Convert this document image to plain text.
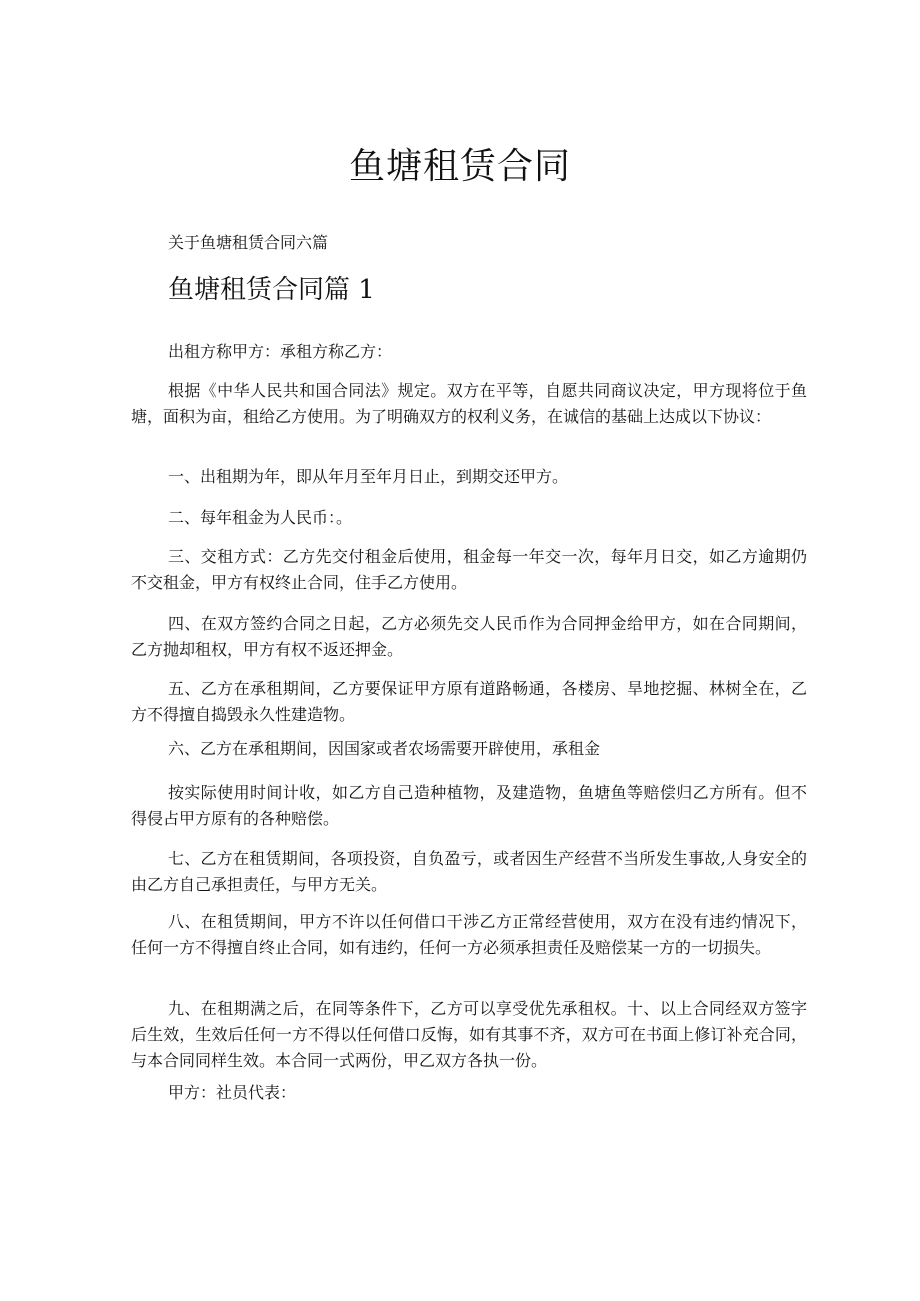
鱼塘租赁合同
关于鱼塘租赁合同六篇
鱼塘租赁合同篇 1

出租方称甲方：承租方称乙方：

根据《中华人民共和国合同法》规定。双方在平等，自愿共同商议决定，甲方现将位于鱼塘，面积为亩，租给乙方使用。为了明确双方的权利义务，在诚信的基础上达成以下协议：

一、出租期为年，即从年月至年月日止，到期交还甲方。

二、每年租金为人民币：。

三、交租方式：乙方先交付租金后使用，租金每一年交一次，每年月日交，如乙方逾期仍不交租金，甲方有权终止合同，住手乙方使用。

四、在双方签约合同之日起，乙方必须先交人民币作为合同押金给甲方，如在合同期间，乙方抛却租权，甲方有权不返还押金。

五、乙方在承租期间，乙方要保证甲方原有道路畅通，各楼房、旱地挖掘、林树全在，乙方不得擅自捣毁永久性建造物。

六、乙方在承租期间，因国家或者农场需要开辟使用，承租金

按实际使用时间计收，如乙方自己造种植物，及建造物，鱼塘鱼等赔偿归乙方所有。但不得侵占甲方原有的各种赔偿。

七、乙方在租赁期间，各项投资，自负盈亏，或者因生产经营不当所发生事故,人身安全的由乙方自己承担责任，与甲方无关。

八、在租赁期间，甲方不许以任何借口干涉乙方正常经营使用，双方在没有违约情况下，任何一方不得擅自终止合同，如有违约，任何一方必须承担责任及赔偿某一方的一切损失。

九、在租期满之后，在同等条件下，乙方可以享受优先承租权。十、以上合同经双方签字后生效，生效后任何一方不得以任何借口反悔，如有其事不齐，双方可在书面上修订补充合同，与本合同同样生效。本合同一式两份，甲乙双方各执一份。

甲方：社员代表：
